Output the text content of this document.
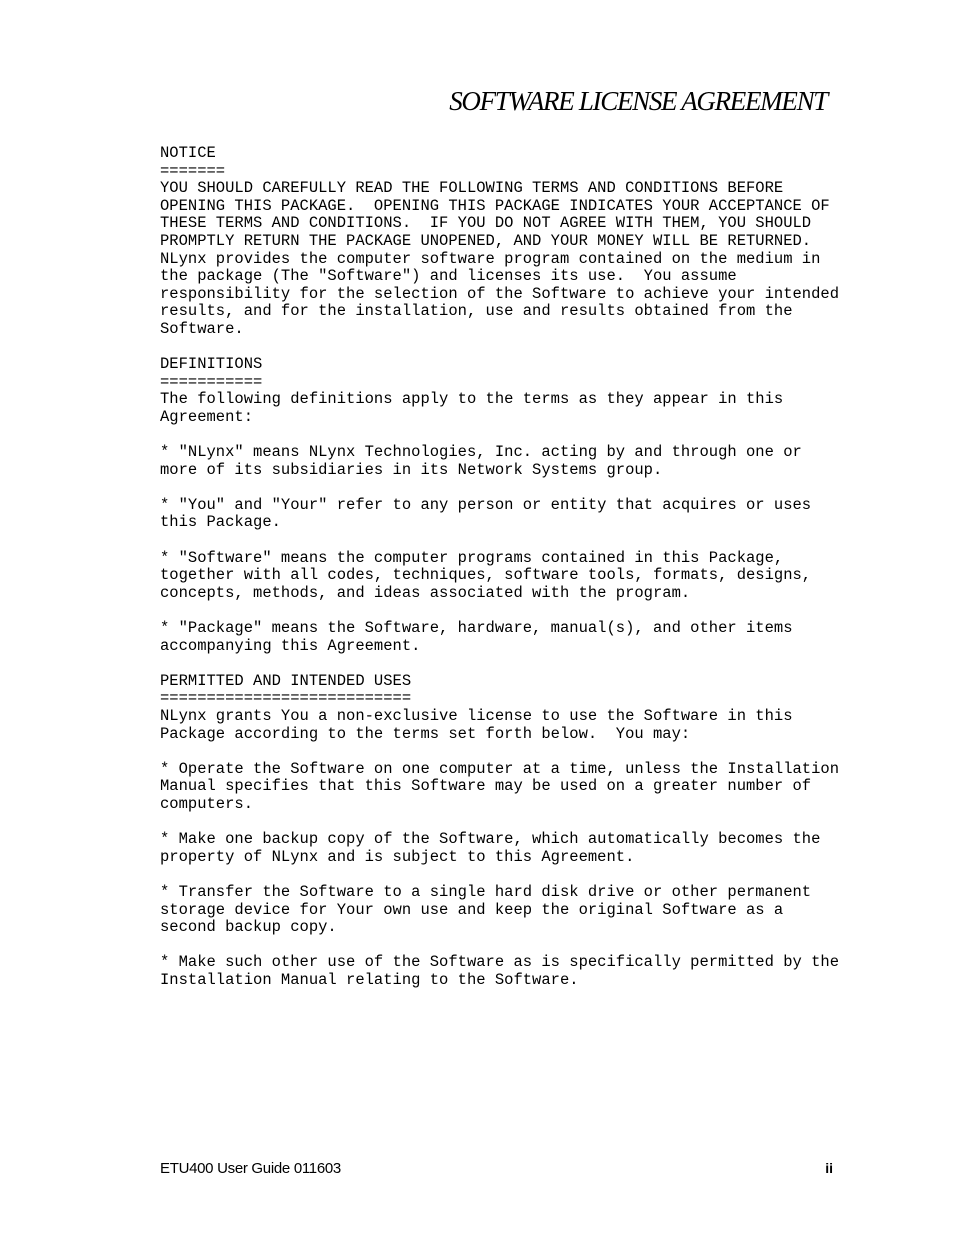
SOFTWARE LICENSE AGREEMENT
NOTICE
=======
YOU SHOULD CAREFULLY READ THE FOLLOWING TERMS AND CONDITIONS BEFORE
OPENING THIS PACKAGE.  OPENING THIS PACKAGE INDICATES YOUR ACCEPTANCE OF
THESE TERMS AND CONDITIONS.  IF YOU DO NOT AGREE WITH THEM, YOU SHOULD
PROMPTLY RETURN THE PACKAGE UNOPENED, AND YOUR MONEY WILL BE RETURNED.
NLynx provides the computer software program contained on the medium in
the package (The "Software") and licenses its use.  You assume
responsibility for the selection of the Software to achieve your intended
results, and for the installation, use and results obtained from the
Software.

DEFINITIONS
===========
The following definitions apply to the terms as they appear in this
Agreement:

* "NLynx" means NLynx Technologies, Inc. acting by and through one or
more of its subsidiaries in its Network Systems group.

* "You" and "Your" refer to any person or entity that acquires or uses
this Package.

* "Software" means the computer programs contained in this Package,
together with all codes, techniques, software tools, formats, designs,
concepts, methods, and ideas associated with the program.

* "Package" means the Software, hardware, manual(s), and other items
accompanying this Agreement.

PERMITTED AND INTENDED USES
===========================
NLynx grants You a non-exclusive license to use the Software in this
Package according to the terms set forth below.  You may:

* Operate the Software on one computer at a time, unless the Installation
Manual specifies that this Software may be used on a greater number of
computers.

* Make one backup copy of the Software, which automatically becomes the
property of NLynx and is subject to this Agreement.

* Transfer the Software to a single hard disk drive or other permanent
storage device for Your own use and keep the original Software as a
second backup copy.

* Make such other use of the Software as is specifically permitted by the
Installation Manual relating to the Software.
ETU400 User Guide 011603	ii
